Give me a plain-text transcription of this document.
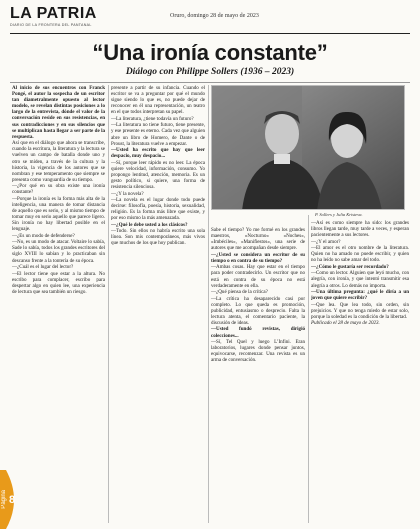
LA PATRIA
DIARIO DE LA FRONTERA DEL PANTANAL
Oruro, domingo 28 de mayo de 2023
“Una ironía constante”
Diálogo con Philippe Sollers (1936 – 2023)

Al inicio de sus encuentros con Franck Pongé, el autor la sospecha de un escritor tan diametralmente opuesto al lector modelo, se revelan distintas posiciones a lo largo de la entrevista, dónde el valor de la conversación reside en sus resistencias, en sus contradicciones y en sus silencios que se multiplican hasta llegar a ser parte de la respuesta.

Así que en el diálogo que ahora se transcribe, cuando la escritura, la literatura y la lectura se vuelven un campo de batalla donde uno y otro se miden, a través de la cultura y la historia, la vigencia de los autores que se nombran y ese temperamento que siempre se presenta como vanguardia de su tiempo.

—¿Por qué en su obra existe una ironía constante?

—Porque la ironía es la forma más alta de la inteligencia, una manera de tomar distancia de aquello que es serio, y al mismo tiempo de tomar muy en serio aquello que parece ligero. Sin ironía no hay libertad posible en el lenguaje.

—¿Es un modo de defenderse?

—No, es un modo de atacar. Voltaire lo sabía, Sade lo sabía, todos los grandes escritores del siglo XVIII lo sabían y lo practicaban sin descanso frente a la tontería de su época.

—¿Cuál es el lugar del lector?

—El lector tiene que estar a la altura. No escribo para complacer, escribo para despertar algo en quien lee, una experiencia de lectura que sea también un riesgo.

presente a partir de su infancia. Cuando el escritor se va a preguntar por qué el mundo sigue siendo lo que es, no puede dejar de reconocer en él una representación, un teatro en el que todos interpretan su papel.

—La literatura, ¿tiene todavía un futuro?

—La literatura no tiene futuro, tiene presente, y ese presente es eterno. Cada vez que alguien abre un libro de Homero, de Dante o de Proust, la literatura vuelve a empezar.

—Usted ha escrito que hay que leer despacio, muy despacio...

—Sí, porque leer rápido es no leer. La época quiere velocidad, información, consumo. Yo propongo lentitud, atención, memoria. Es un gesto político, si quiere, una forma de resistencia silenciosa.

—¿Y la novela?

—La novela es el lugar donde todo puede decirse: filosofía, poesía, historia, sexualidad, religión. Es la forma más libre que existe, y por eso mismo la más amenazada.

—¿Qué le debe usted a los clásicos?

—Todo. Sin ellos no habría escrito una sola línea. Son mis contemporáneos, más vivos que muchos de los que hoy publican.

P. Sollers y Julia Kristeva.

Sabe el tiempo? Yo me formé en los grandes maestros, «Nocturno» «Noches», «Imbéciles», «Manifiestos», una serie de autores que me acompañan desde siempre.

—¿Usted se considera un escritor de su tiempo o en contra de su tiempo?

—Ambas cosas. Hay que estar en el tiempo para poder contradecirlo. Un escritor que no está en contra de su época no está verdaderamente en ella.

—¿Qué piensa de la crítica?

—La crítica ha desaparecido casi por completo. Lo que queda es promoción, publicidad, entusiasmo o desprecio. Falta la lectura atenta, el comentario paciente, la discusión de ideas.

—Usted fundó revistas, dirigió colecciones...

—Sí, Tel Quel y luego L’Infini. Eran laboratorios, lugares donde pensar juntos, equivocarse, recomenzar. Una revista es un arma de conversación.

—Así es como siempre ha sido: los grandes libros llegan tarde, muy tarde a veces, y esperan pacientemente a sus lectores.

—¿Y el amor?

—El amor es el otro nombre de la literatura. Quien no ha amado no puede escribir, y quien no ha leído no sabe amar del todo.

—¿Cómo le gustaría ser recordado?

—Como un lector. Alguien que leyó mucho, con alegría, con ironía, y que intentó transmitir esa alegría a otros. Lo demás no importa.

—Una última pregunta: ¿qué le diría a un joven que quiere escribir?

—Que lea. Que lea todo, sin orden, sin prejuicios. Y que no tenga miedo de estar solo, porque la soledad es la condición de la libertad.

Publicado el 28 de mayo de 2023.

Página 8
